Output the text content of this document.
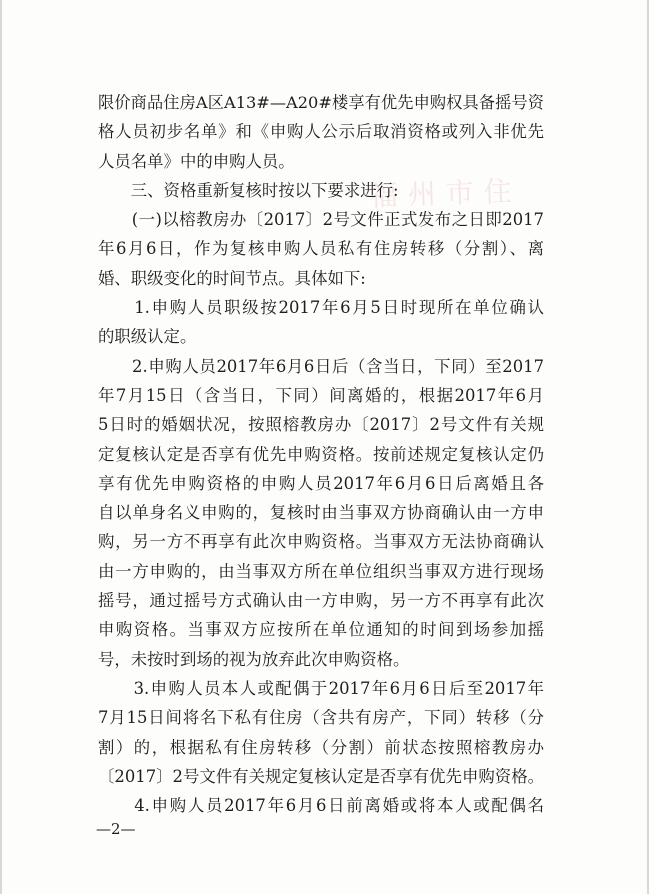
福州市住
限价商品住房A区A13#—A20#楼享有优先申购权具备摇号资
格人员初步名单》和《申购人公示后取消资格或列入非优先
人员名单》中的申购人员。
　　三、资格重新复核时按以下要求进行:
　　(一)以榕教房办〔2017〕2号文件正式发布之日即2017
年6月6日，作为复核申购人员私有住房转移（分割）、离
婚、职级变化的时间节点。具体如下:
　　1.申购人员职级按2017年6月5日时现所在单位确认
的职级认定。
　　2.申购人员2017年6月6日后（含当日，下同）至2017
年7月15日（含当日，下同）间离婚的，根据2017年6月
5日时的婚姻状况，按照榕教房办〔2017〕2号文件有关规
定复核认定是否享有优先申购资格。按前述规定复核认定仍
享有优先申购资格的申购人员2017年6月6日后离婚且各
自以单身名义申购的，复核时由当事双方协商确认由一方申
购，另一方不再享有此次申购资格。当事双方无法协商确认
由一方申购的，由当事双方所在单位组织当事双方进行现场
摇号，通过摇号方式确认由一方申购，另一方不再享有此次
申购资格。当事双方应按所在单位通知的时间到场参加摇
号，未按时到场的视为放弃此次申购资格。
　　3.申购人员本人或配偶于2017年6月6日后至2017年
7月15日间将名下私有住房（含共有房产，下同）转移（分
割）的，根据私有住房转移（分割）前状态按照榕教房办
〔2017〕2号文件有关规定复核认定是否享有优先申购资格。
　　4.申购人员2017年6月6日前离婚或将本人或配偶名
—2—
